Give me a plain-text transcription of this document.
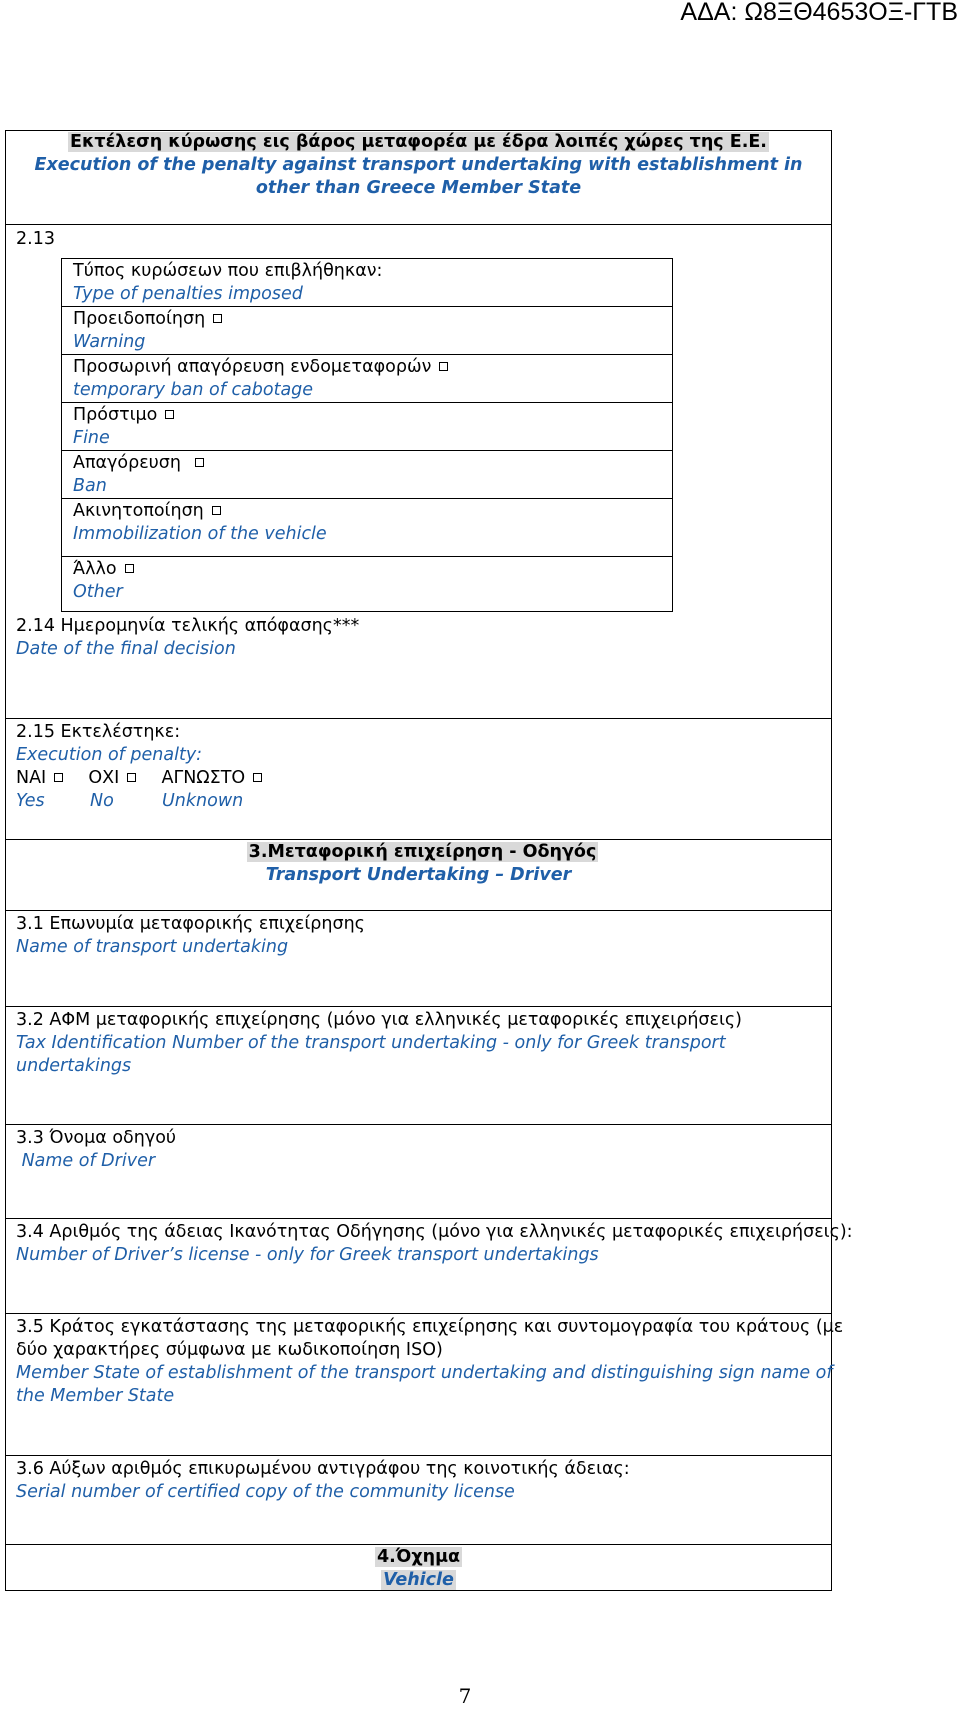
ΑΔΑ: Ω8ΞΘ4653ΟΞ-ΓΤΒ
Εκτέλεση κύρωσης εις βάρος μεταφορέα με έδρα λοιπές χώρες της Ε.Ε.
Execution of the penalty against transport undertaking with establishment in
other than Greece Member State
2.13
Τύπος κυρώσεων που επιβλήθηκαν:
Type of penalties imposed
Προειδοποίηση
Warning
Προσωρινή απαγόρευση ενδομεταφορών
temporary ban of cabotage
Πρόστιμο
Fine
Απαγόρευση
Ban
Ακινητοποίηση
Immobilization of the vehicle
Άλλο
Other
2.14 Ημερομηνία τελικής απόφασης***
Date of the final decision
2.15 Εκτελέστηκε:
Execution of penalty:
ΝΑΙ ΟΧΙ ΑΓΝΩΣΤΟ
Yes	No	Unknown
3.Μεταφορική επιχείρηση - Οδηγός
Transport Undertaking – Driver
3.1 Επωνυμία μεταφορικής επιχείρησης
Name of transport undertaking
3.2 ΑΦΜ μεταφορικής επιχείρησης (μόνο για ελληνικές μεταφορικές επιχειρήσεις)
Tax Identification Number of the transport undertaking - only for Greek transport
undertakings
3.3 Όνομα οδηγού
Name of Driver
3.4 Αριθμός της άδειας Ικανότητας Οδήγησης (μόνο για ελληνικές μεταφορικές επιχειρήσεις):
Number of Driver’s license - only for Greek transport undertakings
3.5 Κράτος εγκατάστασης της μεταφορικής επιχείρησης και συντομογραφία του κράτους (με
δύο χαρακτήρες σύμφωνα με κωδικοποίηση ISO)
Member State of establishment of the transport undertaking and distinguishing sign name of
the Member State
3.6 Αύξων αριθμός επικυρωμένου αντιγράφου της κοινοτικής άδειας:
Serial number of certified copy of the community license
4.Όχημα
Vehicle
7
